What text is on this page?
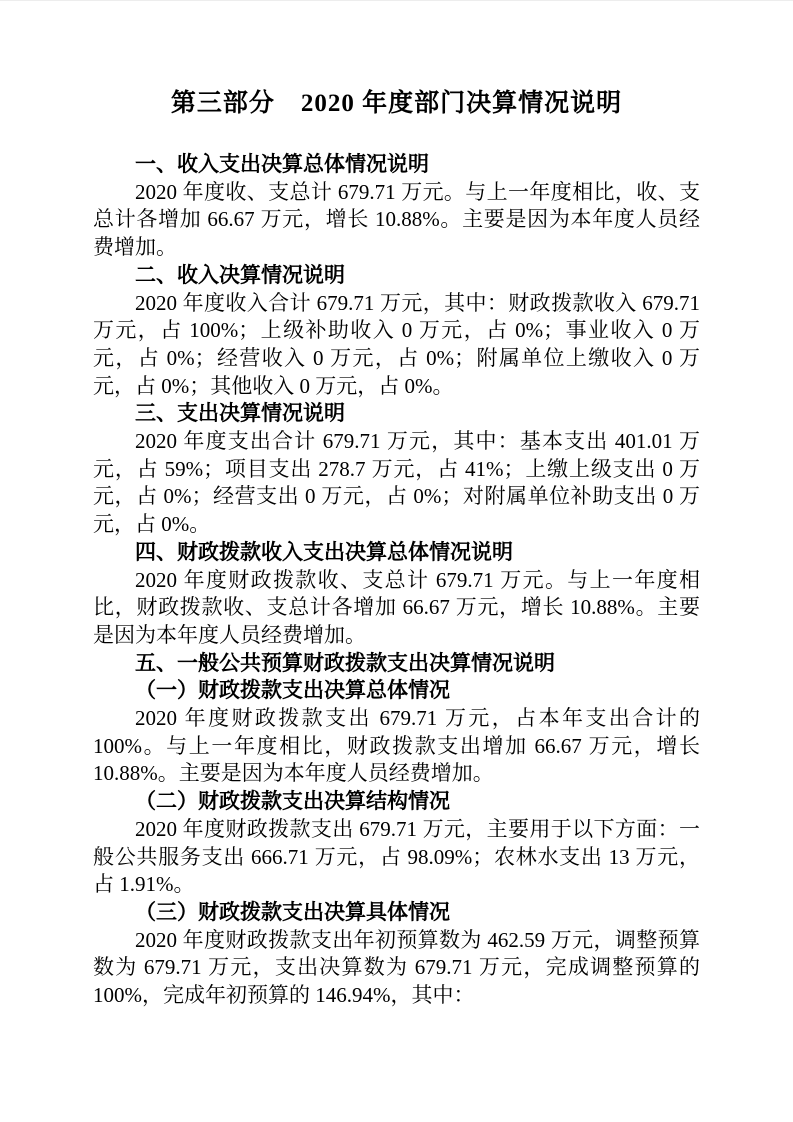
第三部分　2020 年度部门决算情况说明
一、收入支出决算总体情况说明

2020 年度收、支总计 679.71 万元。与上一年度相比，收、支总计各增加 66.67 万元，增长 10.88%。主要是因为本年度人员经费增加。

二、收入决算情况说明

2020 年度收入合计 679.71 万元，其中：财政拨款收入 679.71 万元，占 100%；上级补助收入 0 万元，占 0%；事业收入 0 万元，占 0%；经营收入 0 万元，占 0%；附属单位上缴收入 0 万元，占 0%；其他收入 0 万元，占 0%。

三、支出决算情况说明

2020 年度支出合计 679.71 万元，其中：基本支出 401.01 万元，占 59%；项目支出 278.7 万元，占 41%；上缴上级支出 0 万元，占 0%；经营支出 0 万元，占 0%；对附属单位补助支出 0 万元，占 0%。

四、财政拨款收入支出决算总体情况说明

2020 年度财政拨款收、支总计 679.71 万元。与上一年度相比，财政拨款收、支总计各增加 66.67 万元，增长 10.88%。主要是因为本年度人员经费增加。

五、一般公共预算财政拨款支出决算情况说明
（一）财政拨款支出决算总体情况

2020 年度财政拨款支出 679.71 万元，占本年支出合计的 100%。与上一年度相比，财政拨款支出增加 66.67 万元，增长 10.88%。主要是因为本年度人员经费增加。

（二）财政拨款支出决算结构情况

2020 年度财政拨款支出 679.71 万元，主要用于以下方面：一般公共服务支出 666.71 万元，占 98.09%；农林水支出 13 万元，占 1.91%。

（三）财政拨款支出决算具体情况

2020 年度财政拨款支出年初预算数为 462.59 万元，调整预算数为 679.71 万元，支出决算数为 679.71 万元，完成调整预算的 100%，完成年初预算的 146.94%，其中：
